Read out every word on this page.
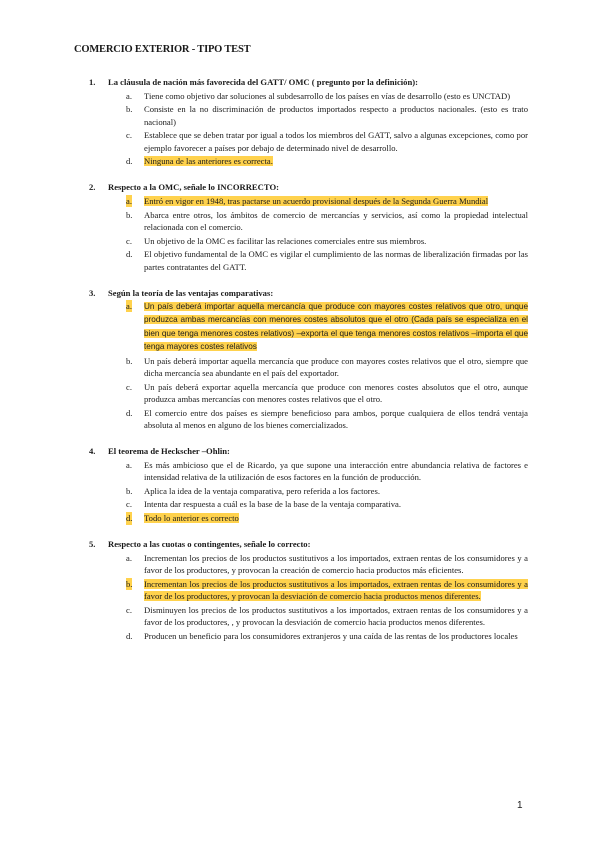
COMERCIO EXTERIOR - TIPO TEST
1. La cláusula de nación más favorecida del GATT/ OMC ( pregunto por la definición):
a. Tiene como objetivo dar soluciones al subdesarrollo de los países en vías de desarrollo (esto es UNCTAD)
b. Consiste en la no discriminación de productos importados respecto a productos nacionales. (esto es trato nacional)
c. Establece que se deben tratar por igual a todos los miembros del GATT, salvo a algunas excepciones, como por ejemplo favorecer a países por debajo de determinado nivel de desarrollo.
d. Ninguna de las anteriores es correcta.
2. Respecto a la OMC, señale lo INCORRECTO:
a. Entró en vigor en 1948, tras pactarse un acuerdo provisional después de la Segunda Guerra Mundial
b. Abarca entre otros, los ámbitos de comercio de mercancías y servicios, así como la propiedad intelectual relacionada con el comercio.
c. Un objetivo de la OMC es facilitar las relaciones comerciales entre sus miembros.
d. El objetivo fundamental de la OMC es vigilar el cumplimiento de las normas de liberalización firmadas por las partes contratantes del GATT.
3. Según la teoría de las ventajas comparativas:
a. Un país deberá importar aquella mercancía que produce con mayores costes relativos que otro, unque produzca ambas mercancías con menores costes absolutos que el otro (Cada país se especializa en el bien que tenga menores costes relativos) –exporta el que tenga menores costos relativos –importa el que tenga mayores costes relativos
b. Un país deberá importar aquella mercancía que produce con mayores costes relativos que el otro, siempre que dicha mercancía sea abundante en el país del exportador.
c. Un país deberá exportar aquella mercancía que produce con menores costes absolutos que el otro, aunque produzca ambas mercancías con menores costes relativos que el otro.
d. El comercio entre dos países es siempre beneficioso para ambos, porque cualquiera de ellos tendrá ventaja absoluta al menos en alguno de los bienes comercializados.
4. El teorema de Heckscher –Ohlin:
a. Es más ambicioso que el de Ricardo, ya que supone una interacción entre abundancia relativa de factores e intensidad relativa de la utilización de esos factores en la función de producción.
b. Aplica la idea de la ventaja comparativa, pero referida a los factores.
c. Intenta dar respuesta a cuál es la base de la base de la ventaja comparativa.
d. Todo lo anterior es correcto
5. Respecto a las cuotas o contingentes, señale lo correcto:
a. Incrementan los precios de los productos sustitutivos a los importados, extraen rentas de los consumidores y a favor de los productores, y provocan la creación de comercio hacia productos más eficientes.
b. Incrementan los precios de los productos sustitutivos a los importados, extraen rentas de los consumidores y a favor de los productores, y provocan la desviación de comercio hacia productos menos diferentes.
c. Disminuyen los precios de los productos sustitutivos a los importados, extraen rentas de los consumidores y a favor de los productores, , y provocan la desviación de comercio hacia productos menos diferentes.
d. Producen un beneficio para los consumidores extranjeros y una caída de las rentas de los productores locales
1
